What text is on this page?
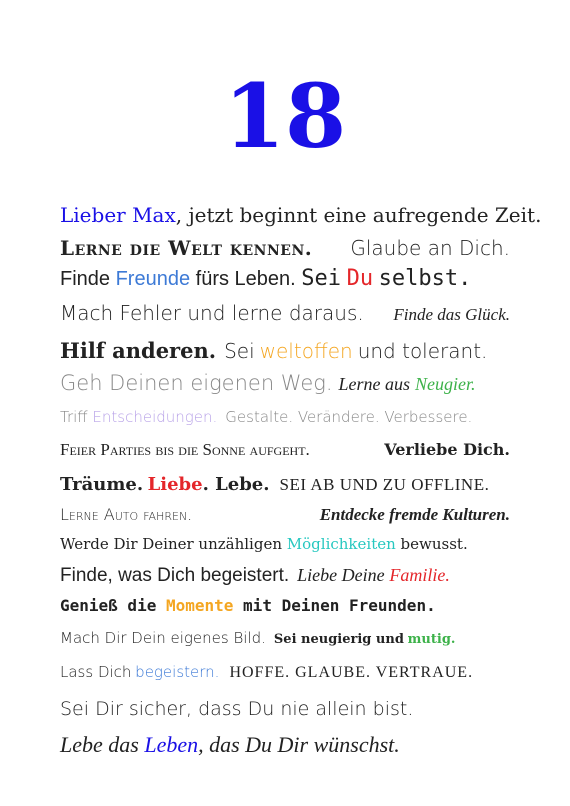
18
Lieber Max , jetzt beginnt eine aufregende Zeit.
Lerne die Welt kennen. Glaube an Dich.
Finde
Freunde
fürs Leben.
Sei
Du
selbst.
Mach Fehler und lerne daraus. Finde das Glück.
Hilf anderen. Sei
weltoffen
und tolerant.
Geh Deinen eigenen Weg. Lerne aus
Neugier.
Triff
Entscheidungen. Gestalte. Verändere. Verbessere.
Feier Parties bis die Sonne aufgeht.	Verliebe Dich.
Träume.
Liebe . Lebe. SEI AB UND ZU OFFLINE.
Lerne Auto fahren.	Entdecke fremde Kulturen.
Werde Dir Deiner unzähligen
Möglichkeiten
bewusst.
Finde, was Dich begeistert. Liebe Deine
Familie.
Genieß die
Momente
mit Deinen Freunden.
Mach Dir Dein eigenes Bild. Sei neugierig und
mutig.
Lass Dich
begeistern. HOFFE. GLAUBE. VERTRAUE.
Sei Dir sicher, dass Du nie allein bist.
Lebe das
Leben , das Du Dir wünschst.
